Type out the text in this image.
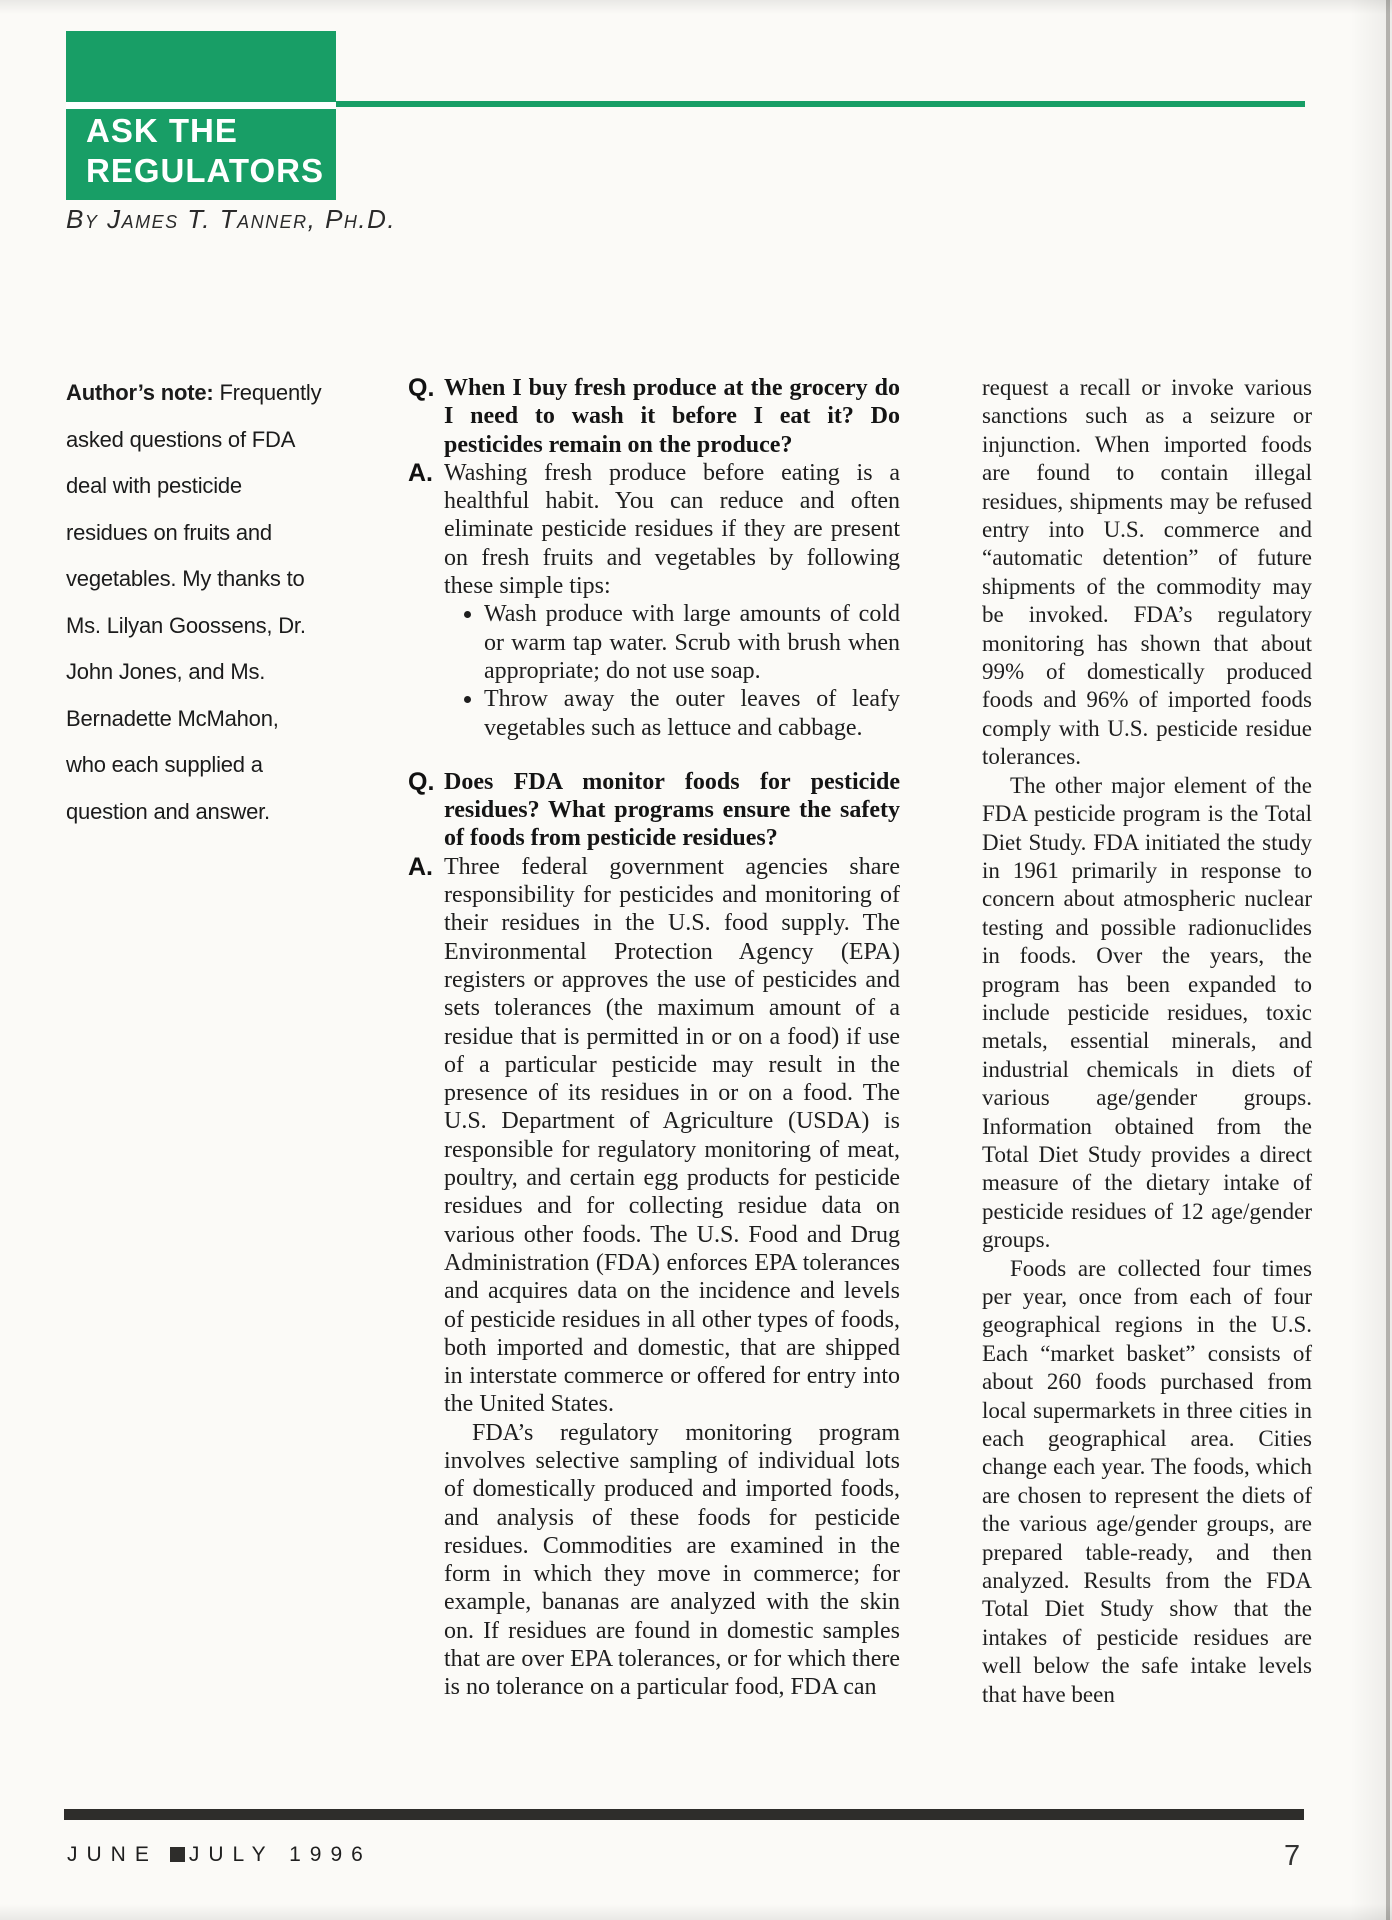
ASK THE
REGULATORS
By James T. Tanner, Ph.D.
Author’s note: Frequently
asked questions of FDA
deal with pesticide
residues on fruits and
vegetables. My thanks to
Ms. Lilyan Goossens, Dr.
John Jones, and Ms.
Bernadette McMahon,
who each supplied a
question and answer.
Q. When I buy fresh produce at the grocery do I need to wash it before I eat it? Do pesticides remain on the produce?
A. Washing fresh produce before eating is a healthful habit. You can reduce and often eliminate pesticide residues if they are present on fresh fruits and vegetables by following these simple tips:

• Wash produce with large amounts of cold or warm tap water. Scrub with brush when appropriate; do not use soap.
• Throw away the outer leaves of leafy vegetables such as lettuce and cabbage.
Q. Does FDA monitor foods for pesticide residues? What programs ensure the safety of foods from pesticide residues?
A. Three federal government agencies share responsibility for pesticides and monitoring of their residues in the U.S. food supply. The Environmental Protection Agency (EPA) registers or approves the use of pesticides and sets tolerances (the maximum amount of a residue that is permitted in or on a food) if use of a particular pesticide may result in the presence of its residues in or on a food. The U.S. Department of Agriculture (USDA) is responsible for regulatory monitoring of meat, poultry, and certain egg products for pesticide residues and for collecting residue data on various other foods. The U.S. Food and Drug Administration (FDA) enforces EPA tolerances and acquires data on the incidence and levels of pesticide residues in all other types of foods, both imported and domestic, that are shipped in interstate commerce or offered for entry into the United States.

FDA’s regulatory monitoring program involves selective sampling of individual lots of domestically produced and imported foods, and analysis of these foods for pesticide residues. Commodities are examined in the form in which they move in commerce; for example, bananas are analyzed with the skin on. If residues are found in domestic samples that are over EPA tolerances, or for which there is no tolerance on a particular food, FDA can

request a recall or invoke various sanctions such as a seizure or injunction. When imported foods are found to contain illegal residues, shipments may be refused entry into U.S. commerce and “automatic detention” of future shipments of the commodity may be invoked. FDA’s regulatory monitoring has shown that about 99% of domestically produced foods and 96% of imported foods comply with U.S. pesticide residue tolerances.

The other major element of the FDA pesticide program is the Total Diet Study. FDA initiated the study in 1961 primarily in response to concern about atmospheric nuclear testing and possible radionuclides in foods. Over the years, the program has been expanded to include pesticide residues, toxic metals, essential minerals, and industrial chemicals in diets of various age/gender groups. Information obtained from the Total Diet Study provides a direct measure of the dietary intake of pesticide residues of 12 age/gender groups.

Foods are collected four times per year, once from each of four geographical regions in the U.S. Each “market basket” consists of about 260 foods purchased from local supermarkets in three cities in each geographical area. Cities change each year. The foods, which are chosen to represent the diets of the various age/gender groups, are prepared table-ready, and then analyzed. Results from the FDA Total Diet Study show that the intakes of pesticide residues are well below the safe intake levels that have been

JUNE JULY 1996	7
